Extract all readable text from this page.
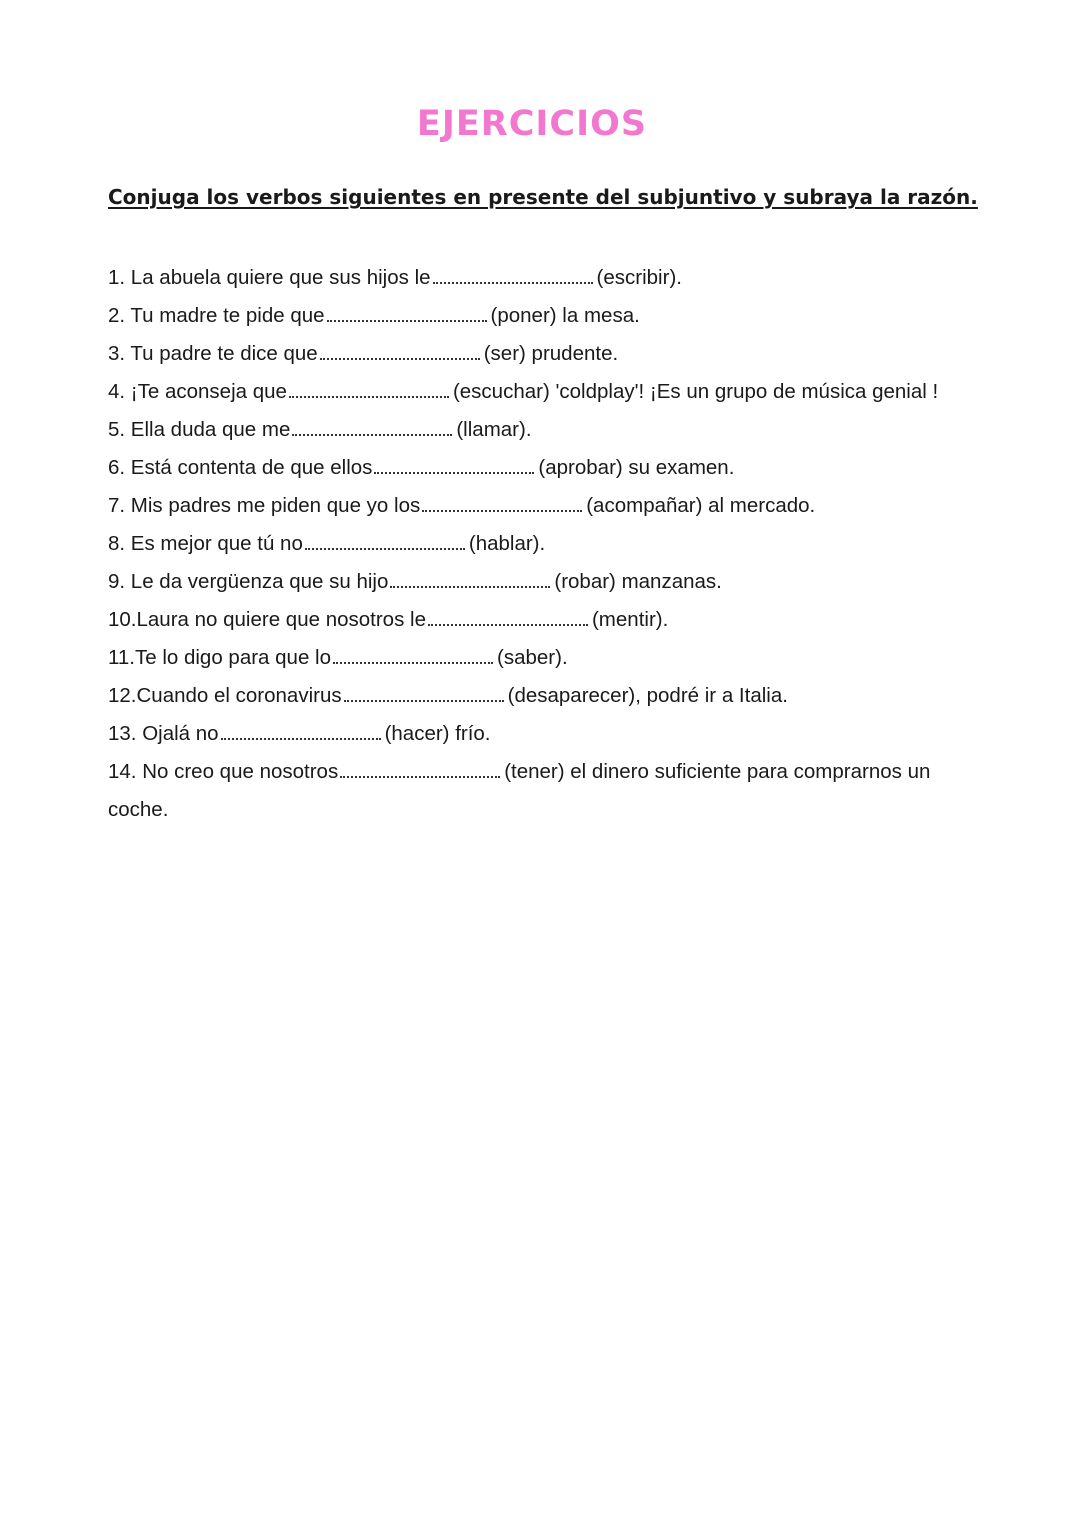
EJERCICIOS

Conjuga los verbos siguientes en presente del subjuntivo y subraya la razón.

1. La abuela quiere que sus hijos le	(escribir).
2. Tu madre te pide que	(poner) la mesa.
3. Tu padre te dice que	(ser) prudente.
4. ¡Te aconseja que	(escuchar) 'coldplay'! ¡Es un grupo de música genial !
5. Ella duda que me	(llamar).
6. Está contenta de que ellos	(aprobar) su examen.
7. Mis padres me piden que yo los	(acompañar) al mercado.
8. Es mejor que tú no	(hablar).
9. Le da vergüenza que su hijo	(robar) manzanas.
10.Laura no quiere que nosotros le	(mentir).
11.Te lo digo para que lo	(saber).
12.Cuando el coronavirus	(desaparecer), podré ir a Italia.
13. Ojalá no	(hacer) frío.
14. No creo que nosotros	(tener) el dinero suficiente para comprarnos un coche.
